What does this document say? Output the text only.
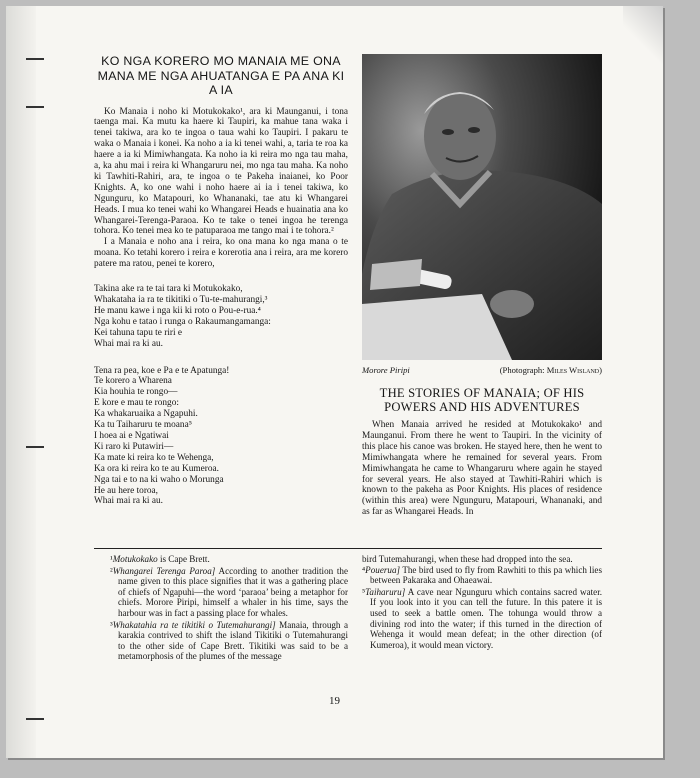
KO NGA KORERO MO MANAIA ME ONA MANA ME NGA AHUATANGA E PA ANA KI A IA

Ko Manaia i noho ki Motukokako¹, ara ki Maunganui, i tona taenga mai. Ka mutu ka haere ki Taupiri, ka mahue tana waka i tenei takiwa, ara ko te ingoa o taua wahi ko Taupiri. I pakaru te waka o Manaia i konei. Ka noho a ia ki tenei wahi, a, taria te roa ka haere a ia ki Mimiwhangata. Ka noho ia ki reira mo nga tau maha, a, ka ahu mai i reira ki Whangaruru nei, mo nga tau maha. Ka noho ki Tawhiti-Rahiri, ara, te ingoa o te Pakeha inaianei, ko Poor Knights. A, ko one wahi i noho haere ai ia i tenei takiwa, ko Ngunguru, ko Matapouri, ko Whananaki, tae atu ki Whangarei Heads. I mua ko tenei wahi ko Whangarei Heads e huainatia ana ko Whangarei-Terenga-Paraoa. Ko te take o tenei ingoa he terenga tohora. Ko tenei mea ko te patuparaoa me tango mai i te tohora.²

I a Manaia e noho ana i reira, ko ona mana ko nga mana o te moana. Ko tetahi korero i reira e korerotia ana i reira, ara me korero patere ma ratou, penei te korero,

Takina ake ra te tai tara ki Motukokako,
Whakataha ia ra te tikitiki o Tu-te-mahurangi,³
He manu kawe i nga kii ki roto o Pou-e-rua.⁴
Nga kohu e tatao i runga o Rakaumangamanga:
Kei tahuna tapu te riri e
Whai mai ra ki au.
Tena ra pea, koe e Pa e te Apatunga!
Te korero a Wharena
Kia houhia te rongo—
E kore e mau te rongo:
Ka whakaruaika a Ngapuhi.
Ka tu Taiharuru te moana⁵
I hoea ai e Ngatiwai
Ki raro ki Putawiri—
Ka mate ki reira ko te Wehenga,
Ka ora ki reira ko te au Kumeroa.
Nga tai e to na ki waho o Morunga
He au here toroa,
Whai mai ra ki au.
Morore Piripi	(Photograph: Miles Wisland)
THE STORIES OF MANAIA; OF HIS POWERS AND HIS ADVENTURES

When Manaia arrived he resided at Motukokako¹ and Maunganui. From there he went to Taupiri. In the vicinity of this place his canoe was broken. He stayed here, then he went to Mimiwhangata where he remained for several years. From Mimiwhangata he came to Whangaruru where again he stayed for several years. He also stayed at Tawhiti-Rahiri which is known to the pakeha as Poor Knights. His places of residence (within this area) were Ngunguru, Matapouri, Whananaki, and as far as Whangarei Heads. In

¹Motukokako is Cape Brett.

²Whangarei Terenga Paroa] According to another tradition the name given to this place signifies that it was a gathering place of chiefs of Ngapuhi—the word ‘paraoa’ being a metaphor for chiefs. Morore Piripi, himself a whaler in his time, says the harbour was in fact a passing place for whales.

³Whakatahia ra te tikitiki o Tutemahurangi] Manaia, through a karakia contrived to shift the island Tikitiki o Tutemahurangi to the other side of Cape Brett. Tikitiki was said to be a metamorphosis of the plumes of the message

bird Tutemahurangi, when these had dropped into the sea.

⁴Pouerua] The bird used to fly from Rawhiti to this pa which lies between Pakaraka and Ohaeawai.

⁵Taiharuru] A cave near Ngunguru which contains sacred water. If you look into it you can tell the future. In this patere it is used to seek a battle omen. The tohunga would throw a divining rod into the water; if this turned in the direction of Wehenga it would mean defeat; in the other direction (of Kumeroa), it would mean victory.

19
